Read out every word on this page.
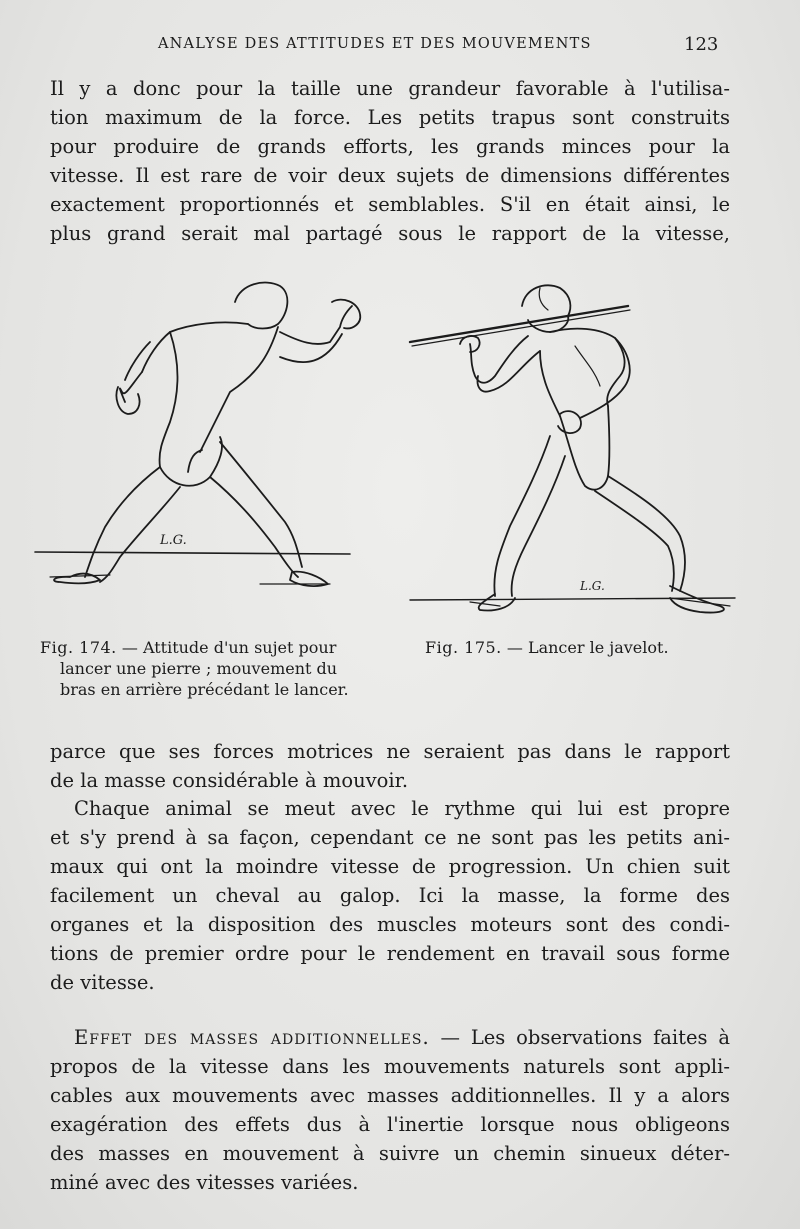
ANALYSE DES ATTITUDES ET DES MOUVEMENTS	123
Il y a donc pour la taille une grandeur favorable à l'utilisa-
tion maximum de la force. Les petits trapus sont construits
pour produire de grands efforts, les grands minces pour la
vitesse. Il est rare de voir deux sujets de dimensions différentes
exactement proportionnés et semblables. S'il en était ainsi, le
plus grand serait mal partagé sous le rapport de la vitesse,
L.G.
L.G.
Fig. 174. — Attitude d'un sujet pour
lancer une pierre ; mouvement du
bras en arrière précédant le lancer.
Fig. 175. — Lancer le javelot.
parce que ses forces motrices ne seraient pas dans le rapport
de la masse considérable à mouvoir.
Chaque animal se meut avec le rythme qui lui est propre
et s'y prend à sa façon, cependant ce ne sont pas les petits ani-
maux qui ont la moindre vitesse de progression. Un chien suit
facilement un cheval au galop. Ici la masse, la forme des
organes et la disposition des muscles moteurs sont des condi-
tions de premier ordre pour le rendement en travail sous forme
de vitesse.
Effet des masses additionnelles. — Les observations faites à
propos de la vitesse dans les mouvements naturels sont appli-
cables aux mouvements avec masses additionnelles. Il y a alors
exagération des effets dus à l'inertie lorsque nous obligeons
des masses en mouvement à suivre un chemin sinueux déter-
miné avec des vitesses variées.
